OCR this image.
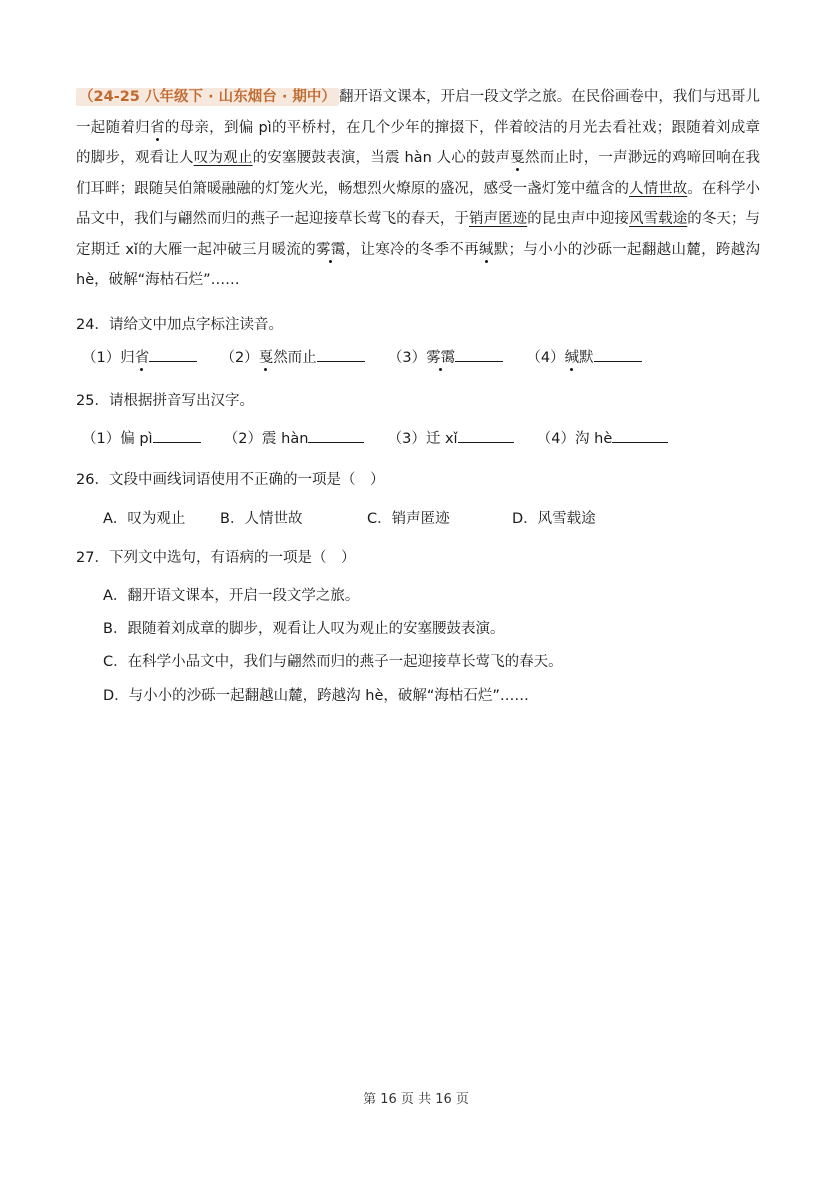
（24-25 八年级下 · 山东烟台 · 期中） 翻开语文课本，开启一段文学之旅。在民俗画卷中，我们与迅哥儿一起随着归省的母亲，到偏 pì的平桥村，在几个少年的撺掇下，伴着皎洁的月光去看社戏；跟随着刘成章的脚步，观看让人叹为观止的安塞腰鼓表演，当震 hàn 人心的鼓声戛然而止时，一声渺远的鸡啼回响在我们耳畔；跟随吴伯箫暖融融的灯笼火光，畅想烈火燎原的盛况，感受一盏灯笼中蕴含的人情世故。在科学小品文中，我们与翩然而归的燕子一起迎接草长莺飞的春天，于销声匿迹的昆虫声中迎接风雪载途的冬天；与定期迁 xǐ的大雁一起冲破三月暖流的雾霭，让寒冷的冬季不再缄默；与小小的沙砾一起翻越山麓，跨越沟 hè，破解“海枯石烂”……
24．请给文中加点字标注读音。
（1）归省	（2）戛然而止	（3）雾霭	（4）缄默
25．请根据拼音写出汉字。
（1）偏 pì	（2）震 hàn	（3）迁 xǐ	（4）沟 hè
26．文段中画线词语使用不正确的一项是（　）
A．叹为观止 B．人情世故	C．销声匿迹	D．风雪载途
27．下列文中选句，有语病的一项是（　）
A．翻开语文课本，开启一段文学之旅。
B．跟随着刘成章的脚步，观看让人叹为观止的安塞腰鼓表演。
C．在科学小品文中，我们与翩然而归的燕子一起迎接草长莺飞的春天。
D．与小小的沙砾一起翻越山麓，跨越沟 hè，破解“海枯石烂”……
第 16 页 共 16 页
